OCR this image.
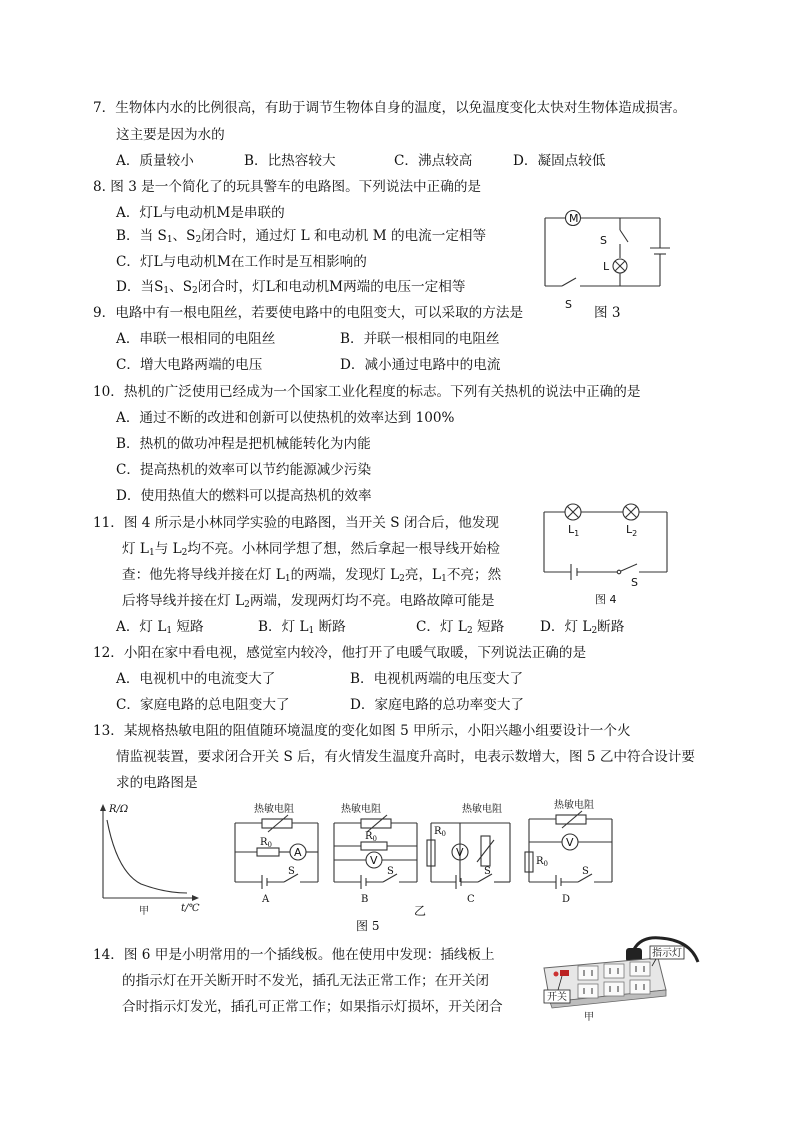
7．生物体内水的比例很高，有助于调节生物体自身的温度，以免温度变化太快对生物体造成损害。
这主要是因为水的
A．质量较小	B．比热容较大	C．沸点较高	D．凝固点较低
8. 图 3 是一个简化了的玩具警车的电路图。下列说法中正确的是
A．灯L与电动机M是串联的
B．当 $S_1$、$S_2$闭合时，通过灯 L 和电动机 M 的电流一定相等
C．灯L与电动机M在工作时是互相影响的
D．当$S_1$、$S_2$闭合时，灯L和电动机M两端的电压一定相等
M
L
S
S
9．电路中有一根电阻丝，若要使电路中的电阻变大，可以采取的方法是	图 3
A．串联一根相同的电阻丝	B．并联一根相同的电阻丝
C．增大电路两端的电压	D．减小通过电路中的电流
10．热机的广泛使用已经成为一个国家工业化程度的标志。下列有关热机的说法中正确的是
A．通过不断的改进和创新可以使热机的效率达到 100%
B．热机的做功冲程是把机械能转化为内能
C．提高热机的效率可以节约能源减少污染
D．使用热值大的燃料可以提高热机的效率
11．图 4 所示是小林同学实验的电路图，当开关 S 闭合后，他发现
灯 $L_1$与 $L_2$均不亮。小林同学想了想，然后拿起一根导线开始检
查：他先将导线并接在灯 $L_1$的两端，发现灯 $L_2$亮，$L_1$不亮；然
后将导线并接在灯 $L_2$两端，发现两灯均不亮。电路故障可能是
A．灯 $L_1$ 短路	B．灯 $L_1$ 断路	C．灯 $L_2$ 短路	D．灯 $L_2$断路
$L_1$	$L_2$
S
图 4
12．小阳在家中看电视，感觉室内较冷，他打开了电暖气取暖，下列说法正确的是
A．电视机中的电流变大了	B．电视机两端的电压变大了
C．家庭电路的总电阻变大了	D．家庭电路的总功率变大了
13．某规格热敏电阻的阻值随环境温度的变化如图 5 甲所示，小阳兴趣小组要设计一个火
情监视装置，要求闭合开关 S 后，有火情发生温度升高时，电表示数增大，图 5 乙中符合设计要
求的电路图是
R/Ω
t/℃
甲
热敏电阻
$R_0$
A
S
A
热敏电阻
$R_0$
V
S
B
热敏电阻
$R_0$
V
S
C
热敏电阻
V
$R_0$
S
D
图 5
乙
14．图 6 甲是小明常用的一个插线板。他在使用中发现：插线板上
的指示灯在开关断开时不发光，插孔无法正常工作；在开关闭
合时指示灯发光，插孔可正常工作；如果指示灯损坏，开关闭合
指示灯
开关
甲
